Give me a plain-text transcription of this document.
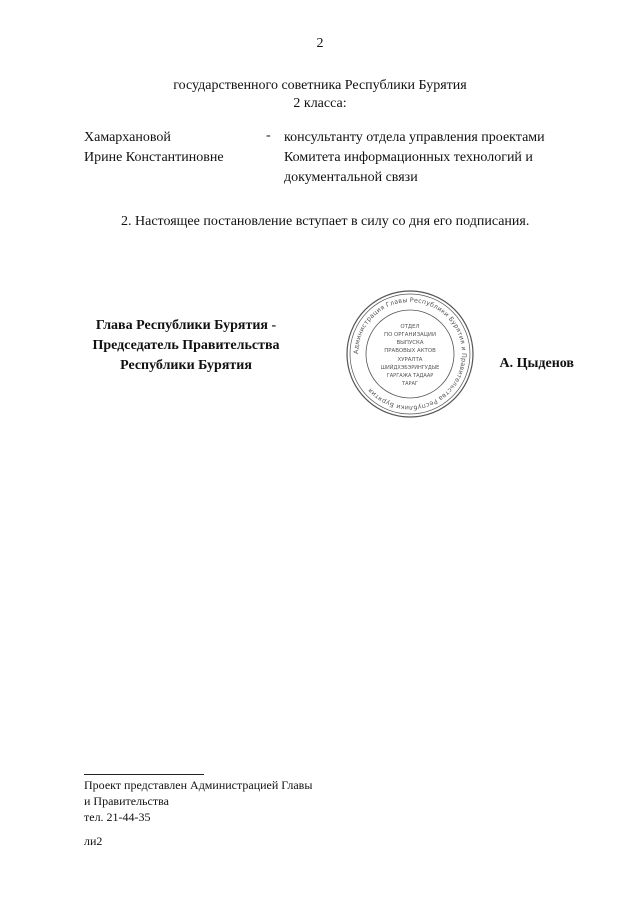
2
государственного советника Республики Бурятия
2 класса:
Хамархановой
Ирине Константиновне
- консультанту отдела управления проектами
Комитета информационных технологий и
документальной связи
2. Настоящее постановление вступает в силу со дня его подписания.
Глава Республики Бурятия -
Председатель Правительства
Республики Бурятия
Администрация Главы Республики Бурятия и Правительства Республики Бурятия
ОТДЕЛ
ПО ОРГАНИЗАЦИИ
ВЫПУСКА
ПРАВОВЫХ АКТОВ
ХУРАЛТА
ШИЙДХЭБЭРИНГУДЫЕ
ГАРГАЖА ТАДААР
ТАРАГ
А. Цыденов
Проект представлен Администрацией Главы
и Правительства
тел. 21-44-35
ли2
